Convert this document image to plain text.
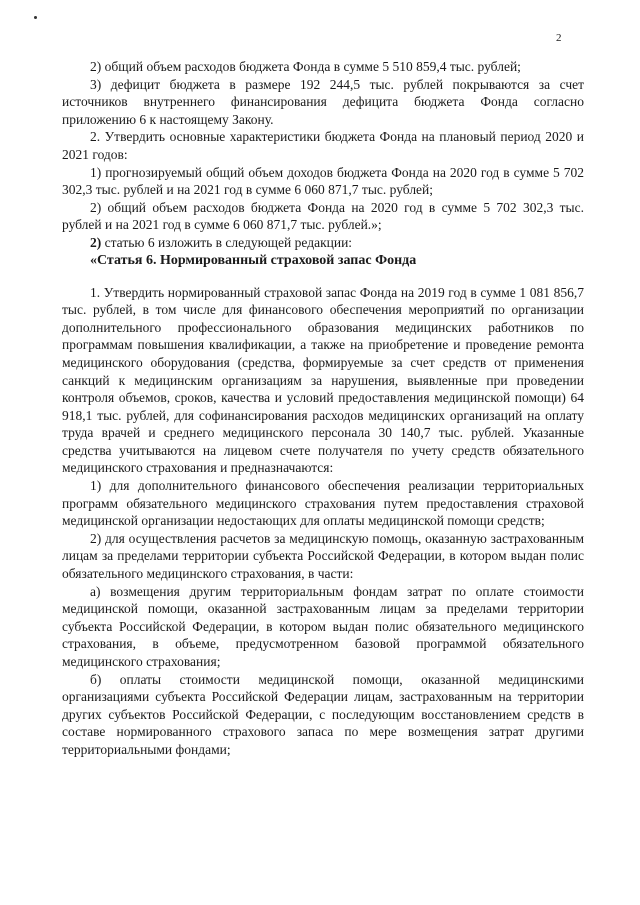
2

2) общий объем расходов бюджета Фонда в сумме 5 510 859,4 тыс. рублей;

3) дефицит бюджета в размере 192 244,5 тыс. рублей покрываются за счет источников внутреннего финансирования дефицита бюджета Фонда согласно приложению 6 к настоящему Закону.

2. Утвердить основные характеристики бюджета Фонда на плановый период 2020 и 2021 годов:

1) прогнозируемый общий объем доходов бюджета Фонда на 2020 год в сумме 5 702 302,3 тыс. рублей и на 2021 год в сумме 6 060 871,7 тыс. рублей;

2) общий объем расходов бюджета Фонда на 2020 год в сумме 5 702 302,3 тыс. рублей и на 2021 год в сумме 6 060 871,7 тыс. рублей.»;

2) статью 6 изложить в следующей редакции:

«Статья 6. Нормированный страховой запас Фонда

1. Утвердить нормированный страховой запас Фонда на 2019 год в сумме 1 081 856,7 тыс. рублей, в том числе для финансового обеспечения мероприятий по организации дополнительного профессионального образования медицинских работников по программам повышения квалификации, а также на приобретение и проведение ремонта медицинского оборудования (средства, формируемые за счет средств от применения санкций к медицинским организациям за нарушения, выявленные при проведении контроля объемов, сроков, качества и условий предоставления медицинской помощи) 64 918,1 тыс. рублей, для софинансирования расходов медицинских организаций на оплату труда врачей и среднего медицинского персонала 30 140,7 тыс. рублей. Указанные средства учитываются на лицевом счете получателя по учету средств обязательного медицинского страхования и предназначаются:

1) для дополнительного финансового обеспечения реализации территориальных программ обязательного медицинского страхования путем предоставления страховой медицинской организации недостающих для оплаты медицинской помощи средств;

2) для осуществления расчетов за медицинскую помощь, оказанную застрахованным лицам за пределами территории субъекта Российской Федерации, в котором выдан полис обязательного медицинского страхования, в части:

а) возмещения другим территориальным фондам затрат по оплате стоимости медицинской помощи, оказанной застрахованным лицам за пределами территории субъекта Российской Федерации, в котором выдан полис обязательного медицинского страхования, в объеме, предусмотренном базовой программой обязательного медицинского страхования;

б) оплаты стоимости медицинской помощи, оказанной медицинскими организациями субъекта Российской Федерации лицам, застрахованным на территории других субъектов Российской Федерации, с последующим восстановлением средств в составе нормированного страхового запаса по мере возмещения затрат другими территориальными фондами;
